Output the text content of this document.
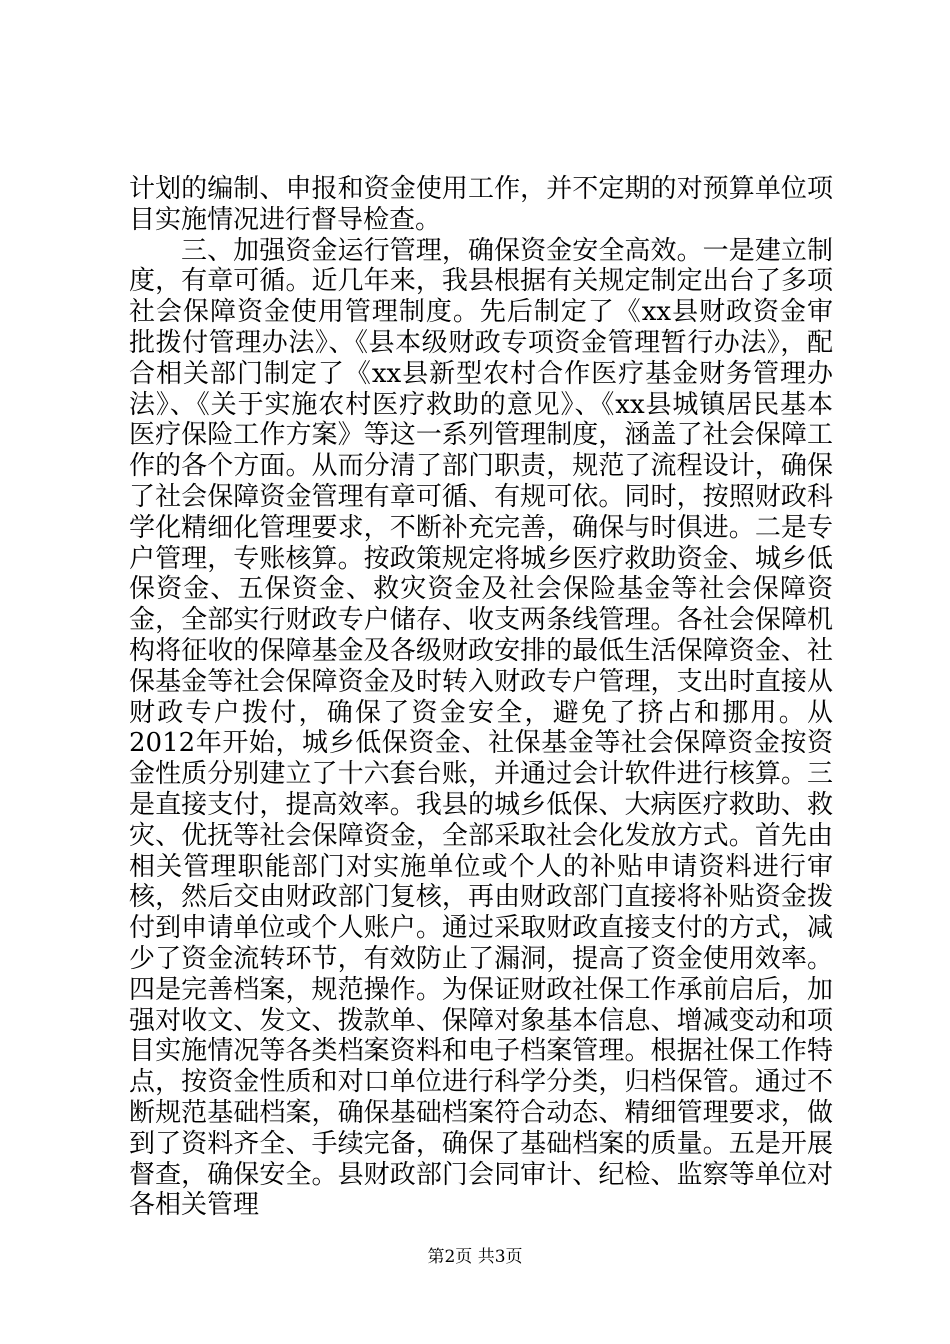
计划的编制、申报和资金使用工作，并不定期的对预算单位项目实施情况进行督导检查。

三、加强资金运行管理，确保资金安全高效。一是建立制度，有章可循。近几年来，我县根据有关规定制定出台了多项社会保障资金使用管理制度。先后制定了《xx县财政资金审批拨付管理办法》、《县本级财政专项资金管理暂行办法》，配合相关部门制定了《xx县新型农村合作医疗基金财务管理办法》、《关于实施农村医疗救助的意见》、《xx县城镇居民基本医疗保险工作方案》等这一系列管理制度，涵盖了社会保障工作的各个方面。从而分清了部门职责，规范了流程设计，确保了社会保障资金管理有章可循、有规可依。同时，按照财政科学化精细化管理要求，不断补充完善，确保与时俱进。二是专户管理，专账核算。按政策规定将城乡医疗救助资金、城乡低保资金、五保资金、救灾资金及社会保险基金等社会保障资金，全部实行财政专户储存、收支两条线管理。各社会保障机构将征收的保障基金及各级财政安排的最低生活保障资金、社保基金等社会保障资金及时转入财政专户管理，支出时直接从财政专户拨付，确保了资金安全，避免了挤占和挪用。从2012年开始，城乡低保资金、社保基金等社会保障资金按资金性质分别建立了十六套台账，并通过会计软件进行核算。三是直接支付，提高效率。我县的城乡低保、大病医疗救助、救灾、优抚等社会保障资金，全部采取社会化发放方式。首先由相关管理职能部门对实施单位或个人的补贴申请资料进行审核，然后交由财政部门复核，再由财政部门直接将补贴资金拨付到申请单位或个人账户。通过采取财政直接支付的方式，减少了资金流转环节，有效防止了漏洞，提高了资金使用效率。四是完善档案，规范操作。为保证财政社保工作承前启后，加强对收文、发文、拨款单、保障对象基本信息、增减变动和项目实施情况等各类档案资料和电子档案管理。根据社保工作特点，按资金性质和对口单位进行科学分类，归档保管。通过不断规范基础档案，确保基础档案符合动态、精细管理要求，做到了资料齐全、手续完备，确保了基础档案的质量。五是开展督查，确保安全。县财政部门会同审计、纪检、监察等单位对各相关管理

第2页 共3页
